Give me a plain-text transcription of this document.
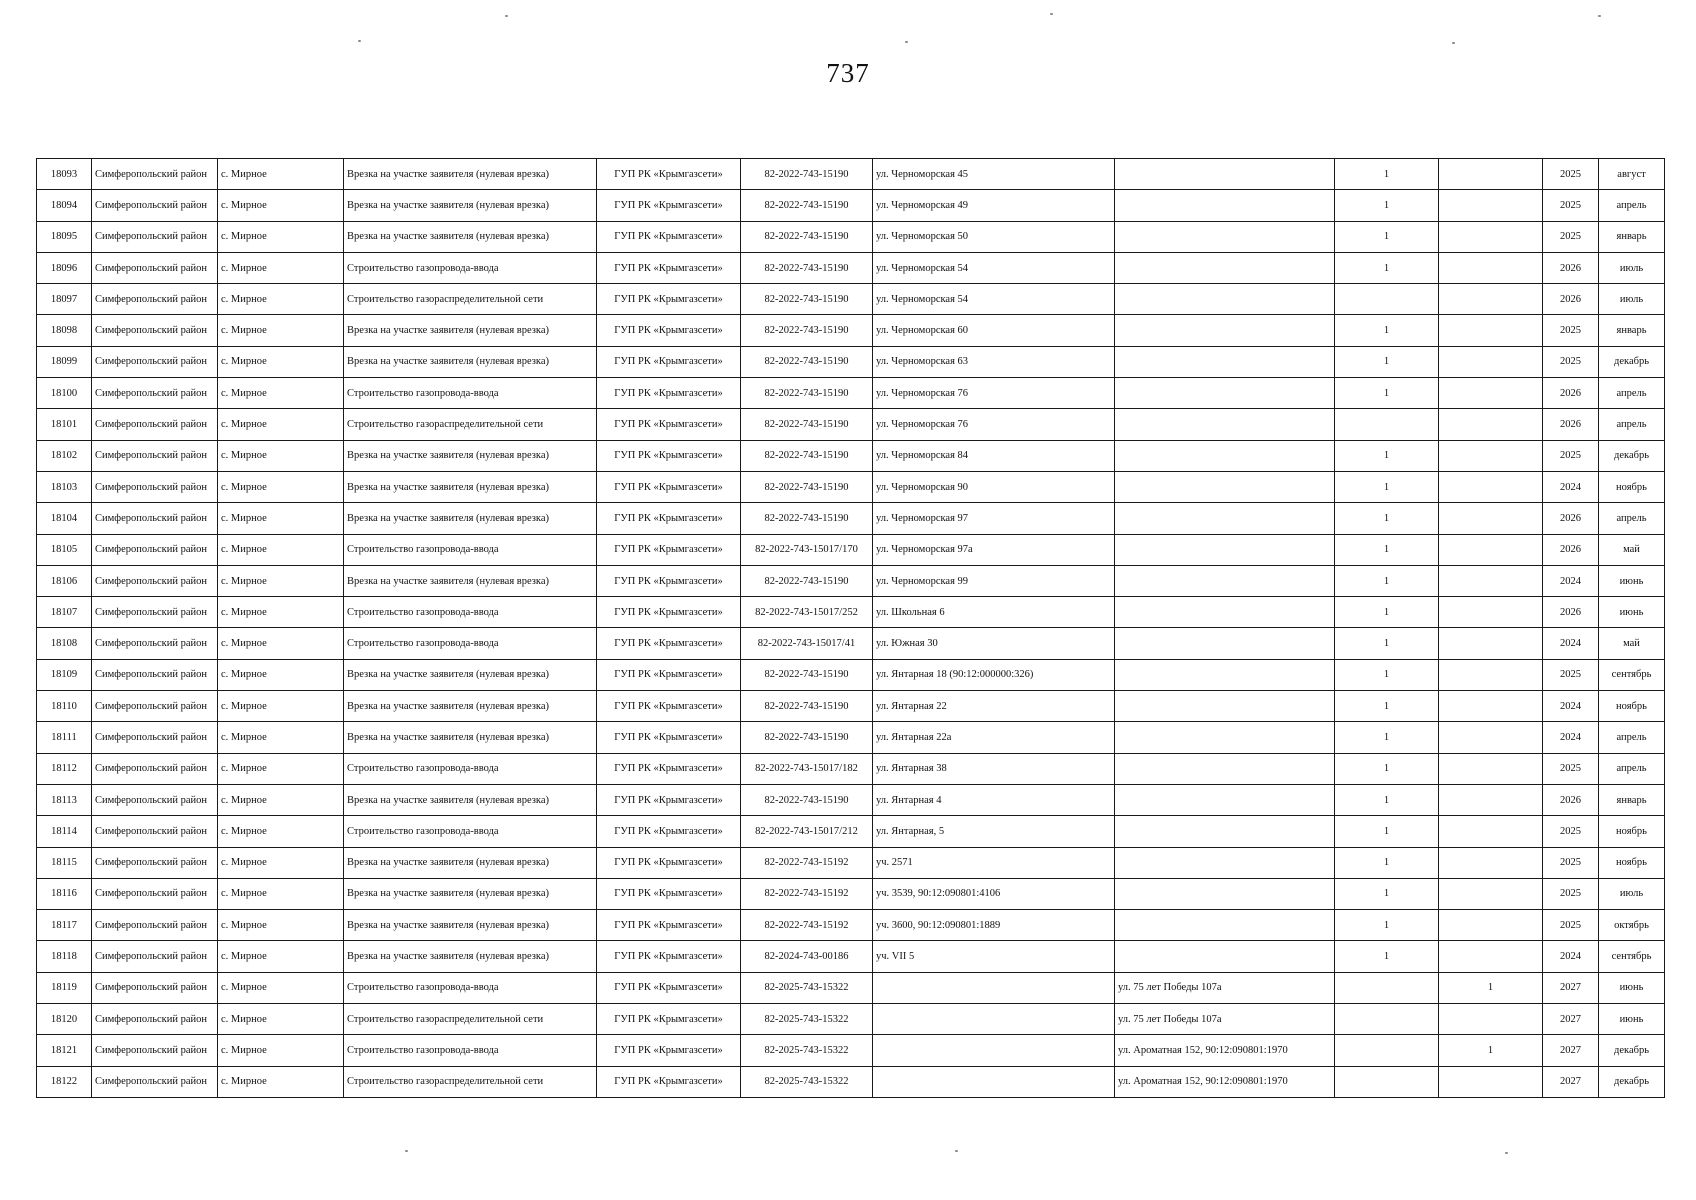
737
18093	Симферопольский район	с. Мирное	Врезка на участке заявителя (нулевая врезка)	ГУП РК «Крымгазсети»	82-2022-743-15190	ул. Черноморская 45		1		2025	август
18094	Симферопольский район	с. Мирное	Врезка на участке заявителя (нулевая врезка)	ГУП РК «Крымгазсети»	82-2022-743-15190	ул. Черноморская 49		1		2025	апрель
18095	Симферопольский район	с. Мирное	Врезка на участке заявителя (нулевая врезка)	ГУП РК «Крымгазсети»	82-2022-743-15190	ул. Черноморская 50		1		2025	январь
18096	Симферопольский район	с. Мирное	Строительство газопровода-ввода	ГУП РК «Крымгазсети»	82-2022-743-15190	ул. Черноморская 54		1		2026	июль
18097	Симферопольский район	с. Мирное	Строительство газораспределительной сети	ГУП РК «Крымгазсети»	82-2022-743-15190	ул. Черноморская 54				2026	июль
18098	Симферопольский район	с. Мирное	Врезка на участке заявителя (нулевая врезка)	ГУП РК «Крымгазсети»	82-2022-743-15190	ул. Черноморская 60		1		2025	январь
18099	Симферопольский район	с. Мирное	Врезка на участке заявителя (нулевая врезка)	ГУП РК «Крымгазсети»	82-2022-743-15190	ул. Черноморская 63		1		2025	декабрь
18100	Симферопольский район	с. Мирное	Строительство газопровода-ввода	ГУП РК «Крымгазсети»	82-2022-743-15190	ул. Черноморская 76		1		2026	апрель
18101	Симферопольский район	с. Мирное	Строительство газораспределительной сети	ГУП РК «Крымгазсети»	82-2022-743-15190	ул. Черноморская 76				2026	апрель
18102	Симферопольский район	с. Мирное	Врезка на участке заявителя (нулевая врезка)	ГУП РК «Крымгазсети»	82-2022-743-15190	ул. Черноморская 84		1		2025	декабрь
18103	Симферопольский район	с. Мирное	Врезка на участке заявителя (нулевая врезка)	ГУП РК «Крымгазсети»	82-2022-743-15190	ул. Черноморская 90		1		2024	ноябрь
18104	Симферопольский район	с. Мирное	Врезка на участке заявителя (нулевая врезка)	ГУП РК «Крымгазсети»	82-2022-743-15190	ул. Черноморская 97		1		2026	апрель
18105	Симферопольский район	с. Мирное	Строительство газопровода-ввода	ГУП РК «Крымгазсети»	82-2022-743-15017/170	ул. Черноморская 97а		1		2026	май
18106	Симферопольский район	с. Мирное	Врезка на участке заявителя (нулевая врезка)	ГУП РК «Крымгазсети»	82-2022-743-15190	ул. Черноморская 99		1		2024	июнь
18107	Симферопольский район	с. Мирное	Строительство газопровода-ввода	ГУП РК «Крымгазсети»	82-2022-743-15017/252	ул. Школьная 6		1		2026	июнь
18108	Симферопольский район	с. Мирное	Строительство газопровода-ввода	ГУП РК «Крымгазсети»	82-2022-743-15017/41	ул. Южная 30		1		2024	май
18109	Симферопольский район	с. Мирное	Врезка на участке заявителя (нулевая врезка)	ГУП РК «Крымгазсети»	82-2022-743-15190	ул. Янтарная 18 (90:12:000000:326)		1		2025	сентябрь
18110	Симферопольский район	с. Мирное	Врезка на участке заявителя (нулевая врезка)	ГУП РК «Крымгазсети»	82-2022-743-15190	ул. Янтарная 22		1		2024	ноябрь
18111	Симферопольский район	с. Мирное	Врезка на участке заявителя (нулевая врезка)	ГУП РК «Крымгазсети»	82-2022-743-15190	ул. Янтарная 22а		1		2024	апрель
18112	Симферопольский район	с. Мирное	Строительство газопровода-ввода	ГУП РК «Крымгазсети»	82-2022-743-15017/182	ул. Янтарная 38		1		2025	апрель
18113	Симферопольский район	с. Мирное	Врезка на участке заявителя (нулевая врезка)	ГУП РК «Крымгазсети»	82-2022-743-15190	ул. Янтарная 4		1		2026	январь
18114	Симферопольский район	с. Мирное	Строительство газопровода-ввода	ГУП РК «Крымгазсети»	82-2022-743-15017/212	ул. Янтарная, 5		1		2025	ноябрь
18115	Симферопольский район	с. Мирное	Врезка на участке заявителя (нулевая врезка)	ГУП РК «Крымгазсети»	82-2022-743-15192	уч. 2571		1		2025	ноябрь
18116	Симферопольский район	с. Мирное	Врезка на участке заявителя (нулевая врезка)	ГУП РК «Крымгазсети»	82-2022-743-15192	уч. 3539, 90:12:090801:4106		1		2025	июль
18117	Симферопольский район	с. Мирное	Врезка на участке заявителя (нулевая врезка)	ГУП РК «Крымгазсети»	82-2022-743-15192	уч. 3600, 90:12:090801:1889		1		2025	октябрь
18118	Симферопольский район	с. Мирное	Врезка на участке заявителя (нулевая врезка)	ГУП РК «Крымгазсети»	82-2024-743-00186	уч. VII 5		1		2024	сентябрь
18119	Симферопольский район	с. Мирное	Строительство газопровода-ввода	ГУП РК «Крымгазсети»	82-2025-743-15322		ул. 75 лет Победы 107а		1	2027	июнь
18120	Симферопольский район	с. Мирное	Строительство газораспределительной сети	ГУП РК «Крымгазсети»	82-2025-743-15322		ул. 75 лет Победы 107а			2027	июнь
18121	Симферопольский район	с. Мирное	Строительство газопровода-ввода	ГУП РК «Крымгазсети»	82-2025-743-15322		ул. Ароматная 152, 90:12:090801:1970		1	2027	декабрь
18122	Симферопольский район	с. Мирное	Строительство газораспределительной сети	ГУП РК «Крымгазсети»	82-2025-743-15322		ул. Ароматная 152, 90:12:090801:1970			2027	декабрь
